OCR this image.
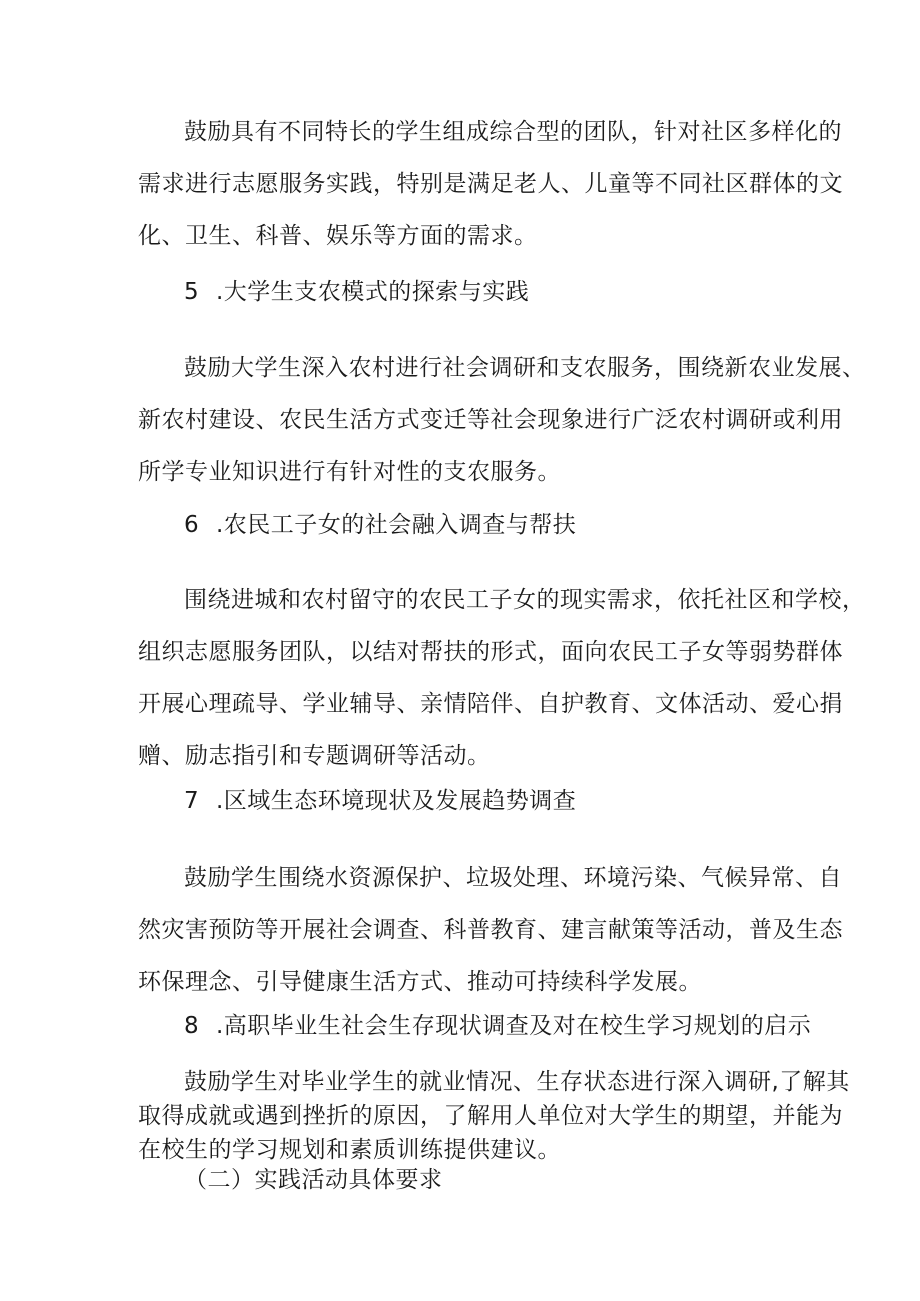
鼓励具有不同特长的学生组成综合型的团队，针对社区多样化的
需求进行志愿服务实践，特别是满足老人、儿童等不同社区群体的文
化、卫生、科普、娱乐等方面的需求。
5 .大学生支农模式的探索与实践
鼓励大学生深入农村进行社会调研和支农服务，围绕新农业发展、
新农村建设、农民生活方式变迁等社会现象进行广泛农村调研或利用
所学专业知识进行有针对性的支农服务。
6 .农民工子女的社会融入调查与帮扶
围绕进城和农村留守的农民工子女的现实需求，依托社区和学校，
组织志愿服务团队，以结对帮扶的形式，面向农民工子女等弱势群体
开展心理疏导、学业辅导、亲情陪伴、自护教育、文体活动、爱心捐
赠、励志指引和专题调研等活动。
7 .区域生态环境现状及发展趋势调查
鼓励学生围绕水资源保护、垃圾处理、环境污染、气候异常、自
然灾害预防等开展社会调查、科普教育、建言献策等活动，普及生态
环保理念、引导健康生活方式、推动可持续科学发展。
8 .高职毕业生社会生存现状调查及对在校生学习规划的启示
鼓励学生对毕业学生的就业情况、生存状态进行深入调研,了解其
取得成就或遇到挫折的原因，了解用人单位对大学生的期望，并能为
在校生的学习规划和素质训练提供建议。
（二）实践活动具体要求
